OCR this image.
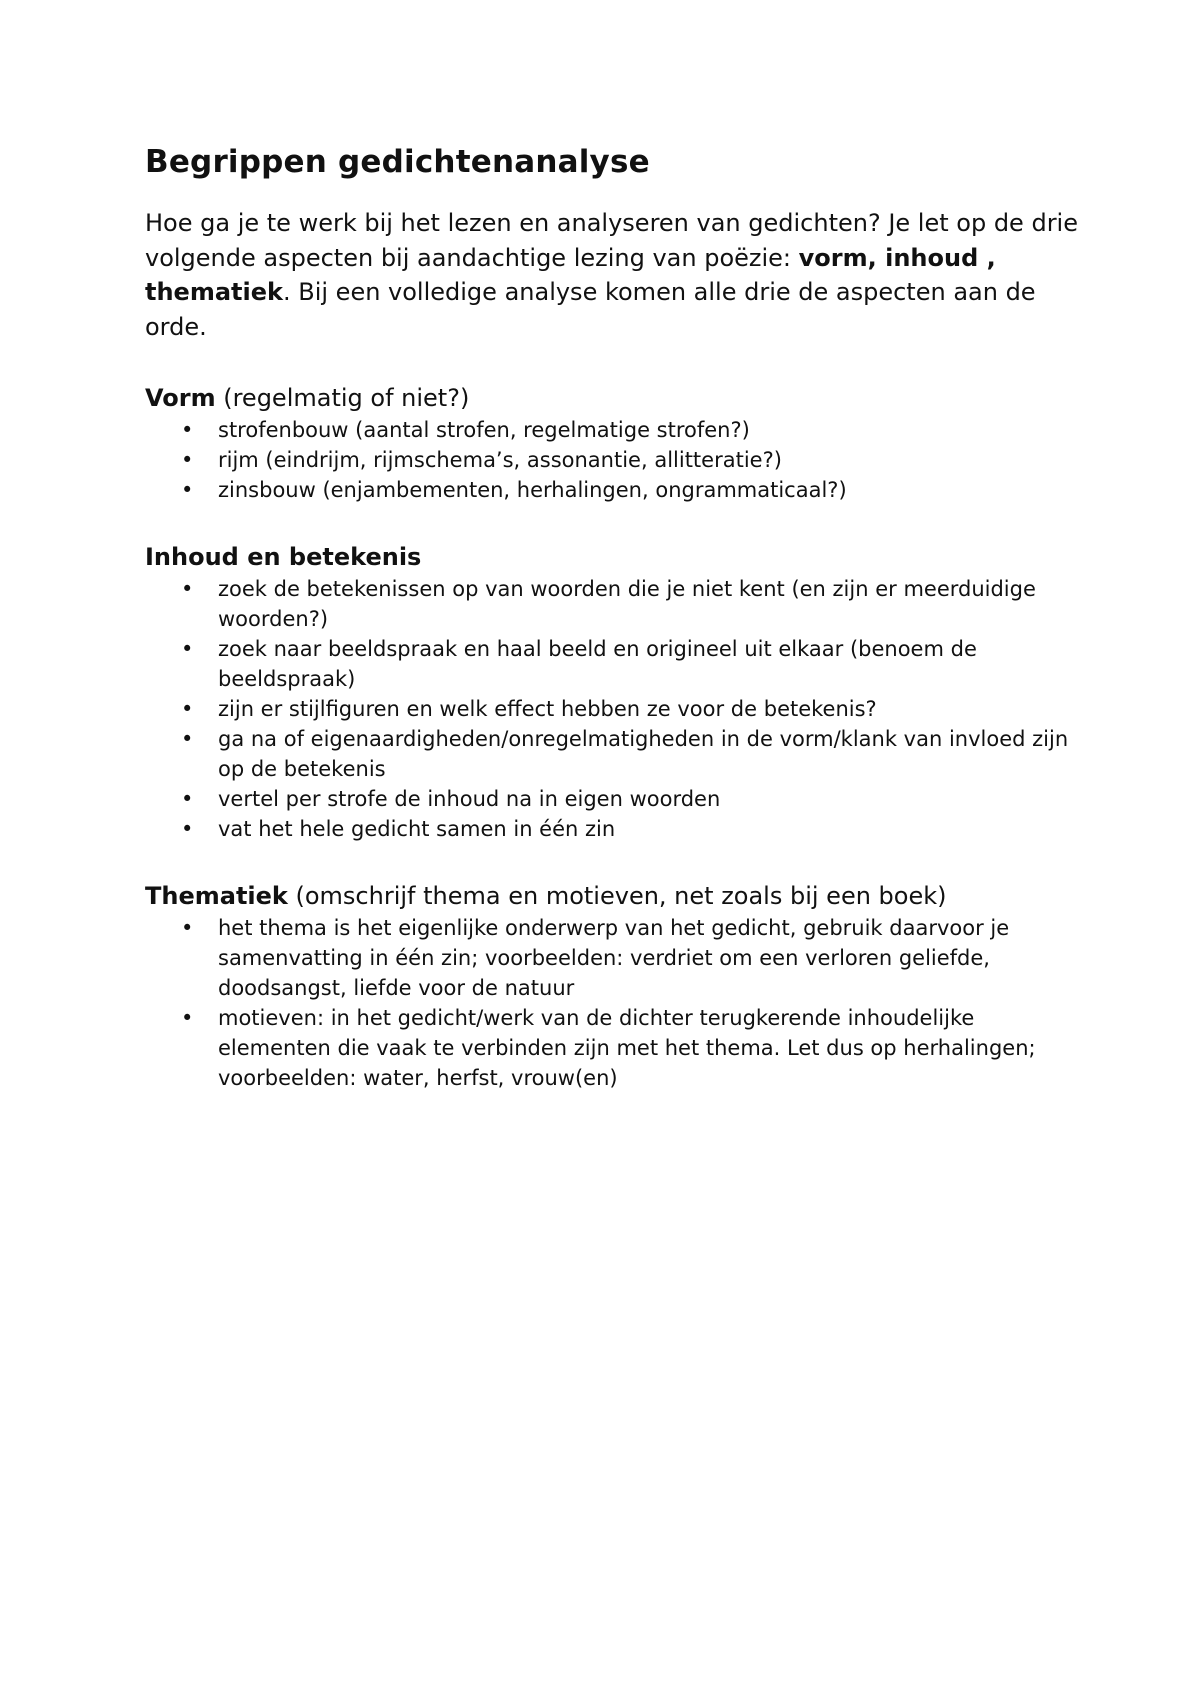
Begrippen gedichtenanalyse

Hoe ga je te werk bij het lezen en analyseren van gedichten? Je let op de drie volgende aspecten bij aandachtige lezing van poëzie: vorm, inhoud , thematiek. Bij een volledige analyse komen alle drie de aspecten aan de orde.

Vorm (regelmatig of niet?)
• strofenbouw (aantal strofen, regelmatige strofen?)
• rijm (eindrijm, rijmschema’s, assonantie, allitteratie?)
• zinsbouw (enjambementen, herhalingen, ongrammaticaal?)
Inhoud en betekenis
• zoek de betekenissen op van woorden die je niet kent (en zijn er meerduidige woorden?)
• zoek naar beeldspraak en haal beeld en origineel uit elkaar (benoem de beeldspraak)
• zijn er stijlfiguren en welk effect hebben ze voor de betekenis?
• ga na of eigenaardigheden/onregelmatigheden in de vorm/klank van invloed zijn op de betekenis
• vertel per strofe de inhoud na in eigen woorden
• vat het hele gedicht samen in één zin
Thematiek (omschrijf thema en motieven, net zoals bij een boek)
• het thema is het eigenlijke onderwerp van het gedicht, gebruik daarvoor je samenvatting in één zin; voorbeelden: verdriet om een verloren geliefde, doodsangst, liefde voor de natuur
• motieven: in het gedicht/werk van de dichter terugkerende inhoudelijke elementen die vaak te verbinden zijn met het thema. Let dus op herhalingen; voorbeelden: water, herfst, vrouw(en)
